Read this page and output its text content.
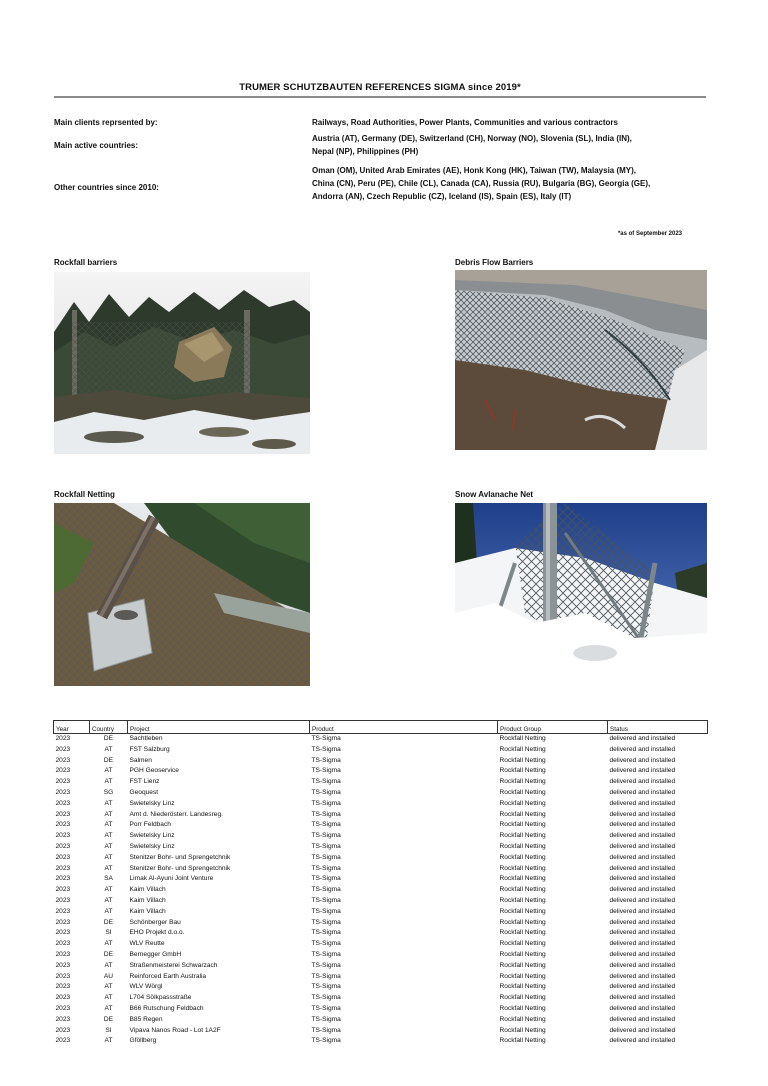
TRUMER SCHUTZBAUTEN REFERENCES SIGMA since 2019*
Main clients reprsented by:	Railways, Road Authorities, Power Plants, Communities and various contractors
Main active countries:
Austria (AT), Germany (DE), Switzerland (CH), Norway (NO), Slovenia (SL), India (IN),
Nepal (NP), Philippines (PH)
Other countries since 2010:
Oman (OM), United Arab Emirates (AE), Honk Kong (HK), Taiwan (TW), Malaysia (MY),
China (CN), Peru (PE), Chile (CL), Canada (CA), Russia (RU), Bulgaria (BG), Georgia (GE),
Andorra (AN), Czech Republic (CZ), Iceland (IS), Spain (ES), Italy (IT)
*as of September 2023
Rockfall barriers	Debris Flow Barriers
Rockfall Netting	Snow Avlanache Net
Year	Country	Project	Product	Product Group	Status
2023	DE	Sachtleben	TS-Sigma	Rockfall Netting	delivered and installed
2023	AT	FST Salzburg	TS-Sigma	Rockfall Netting	delivered and installed
2023	DE	Salmen	TS-Sigma	Rockfall Netting	delivered and installed
2023	AT	PGH Geoservice	TS-Sigma	Rockfall Netting	delivered and installed
2023	AT	FST Lienz	TS-Sigma	Rockfall Netting	delivered and installed
2023	SG	Geoquest	TS-Sigma	Rockfall Netting	delivered and installed
2023	AT	Swietelsky Linz	TS-Sigma	Rockfall Netting	delivered and installed
2023	AT	Amt d. Niederösterr. Landesreg.	TS-Sigma	Rockfall Netting	delivered and installed
2023	AT	Porr Feldbach	TS-Sigma	Rockfall Netting	delivered and installed
2023	AT	Swietelsky Linz	TS-Sigma	Rockfall Netting	delivered and installed
2023	AT	Swietelsky Linz	TS-Sigma	Rockfall Netting	delivered and installed
2023	AT	Stenitzer Bohr- und Sprengetchnik	TS-Sigma	Rockfall Netting	delivered and installed
2023	AT	Stenitzer Bohr- und Sprengetchnik	TS-Sigma	Rockfall Netting	delivered and installed
2023	SA	Limak Al-Ayuni Joint Venture	TS-Sigma	Rockfall Netting	delivered and installed
2023	AT	Kaim Villach	TS-Sigma	Rockfall Netting	delivered and installed
2023	AT	Kaim Villach	TS-Sigma	Rockfall Netting	delivered and installed
2023	AT	Kaim Villach	TS-Sigma	Rockfall Netting	delivered and installed
2023	DE	Schönberger Bau	TS-Sigma	Rockfall Netting	delivered and installed
2023	SI	EHO Projekt d.o.o.	TS-Sigma	Rockfall Netting	delivered and installed
2023	AT	WLV Reutte	TS-Sigma	Rockfall Netting	delivered and installed
2023	DE	Bernegger GmbH	TS-Sigma	Rockfall Netting	delivered and installed
2023	AT	Straßenmeisterei Schwarzach	TS-Sigma	Rockfall Netting	delivered and installed
2023	AU	Reinforced Earth Australia	TS-Sigma	Rockfall Netting	delivered and installed
2023	AT	WLV Wörgl	TS-Sigma	Rockfall Netting	delivered and installed
2023	AT	L704 Sölkpassstraße	TS-Sigma	Rockfall Netting	delivered and installed
2023	AT	B66 Rutschung Feldbach	TS-Sigma	Rockfall Netting	delivered and installed
2023	DE	B85 Regen	TS-Sigma	Rockfall Netting	delivered and installed
2023	SI	Vipava Nanos Road - Lot 1A2F	TS-Sigma	Rockfall Netting	delivered and installed
2023	AT	Gföllberg	TS-Sigma	Rockfall Netting	delivered and installed
